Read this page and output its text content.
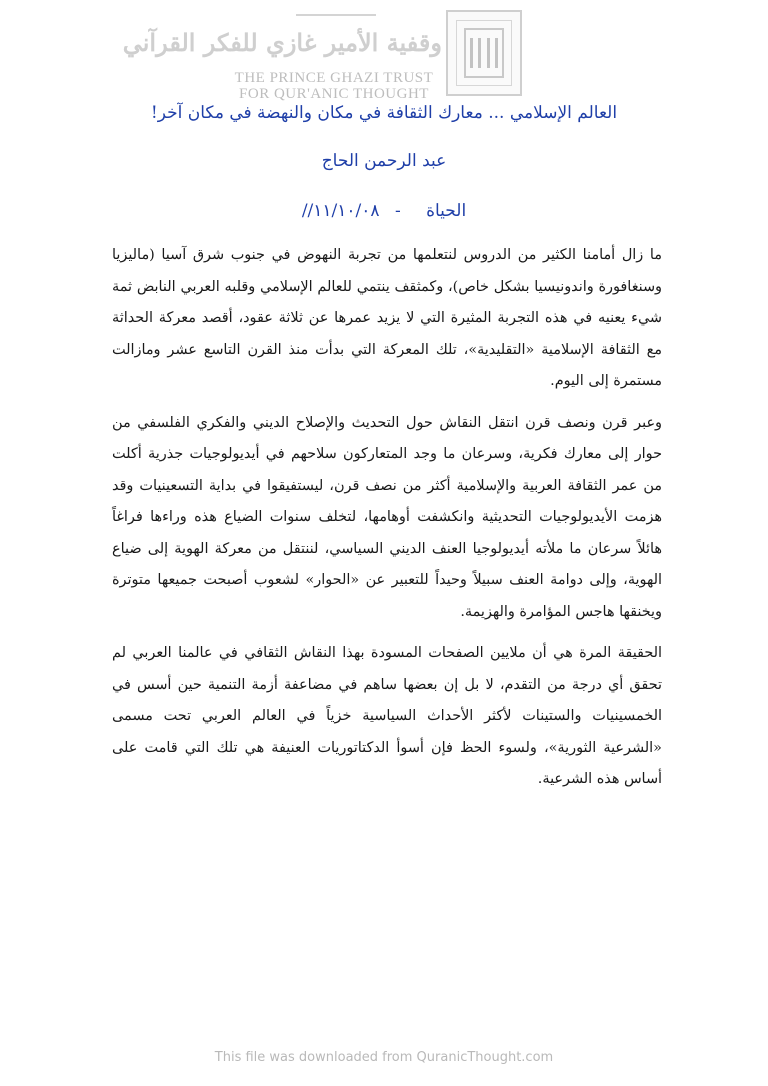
وقفية الأمير غازي للفكر القرآني
THE PRINCE GHAZI TRUST
FOR QUR'ANIC THOUGHT
العالم الإسلامي ... معارك الثقافة في مكان والنهضة في مكان آخر!
عبد الرحمن الحاج
الحياة - ١١/١٠/٠٨//

ما زال أمامنا الكثير من الدروس لنتعلمها من تجربة النهوض في جنوب شرق آسيا (ماليزيا وسنغافورة واندونيسيا بشكل خاص)، وكمثقف ينتمي للعالم الإسلامي وقلبه العربي النابض ثمة شيء يعنيه في هذه التجربة المثيرة التي لا يزيد عمرها عن ثلاثة عقود، أقصد معركة الحداثة مع الثقافة الإسلامية «التقليدية»، تلك المعركة التي بدأت منذ القرن التاسع عشر ومازالت مستمرة إلى اليوم.

وعبر قرن ونصف قرن انتقل النقاش حول التحديث والإصلاح الديني والفكري الفلسفي من حوار إلى معارك فكرية، وسرعان ما وجد المتعاركون سلاحهم في أيديولوجيات جذرية أكلت من عمر الثقافة العربية والإسلامية أكثر من نصف قرن، ليستفيقوا في بداية التسعينيات وقد هزمت الأيديولوجيات التحديثية وانكشفت أوهامها، لتخلف سنوات الضياع هذه وراءها فراغاً هائلاً سرعان ما ملأته أيديولوجيا العنف الديني السياسي، لننتقل من معركة الهوية إلى ضياع الهوية، وإلى دوامة العنف سبيلاً وحيداً للتعبير عن «الحوار» لشعوب أصبحت جميعها متوترة ويخنقها هاجس المؤامرة والهزيمة.

الحقيقة المرة هي أن ملايين الصفحات المسودة بهذا النقاش الثقافي في عالمنا العربي لم تحقق أي درجة من التقدم، لا بل إن بعضها ساهم في مضاعفة أزمة التنمية حين أسس في الخمسينيات والستينات لأكثر الأحداث السياسية خزياً في العالم العربي تحت مسمى «الشرعية الثورية»، ولسوء الحظ فإن أسوأ الدكتاتوريات العنيفة هي تلك التي قامت على أساس هذه الشرعية.

This file was downloaded from QuranicThought.com
